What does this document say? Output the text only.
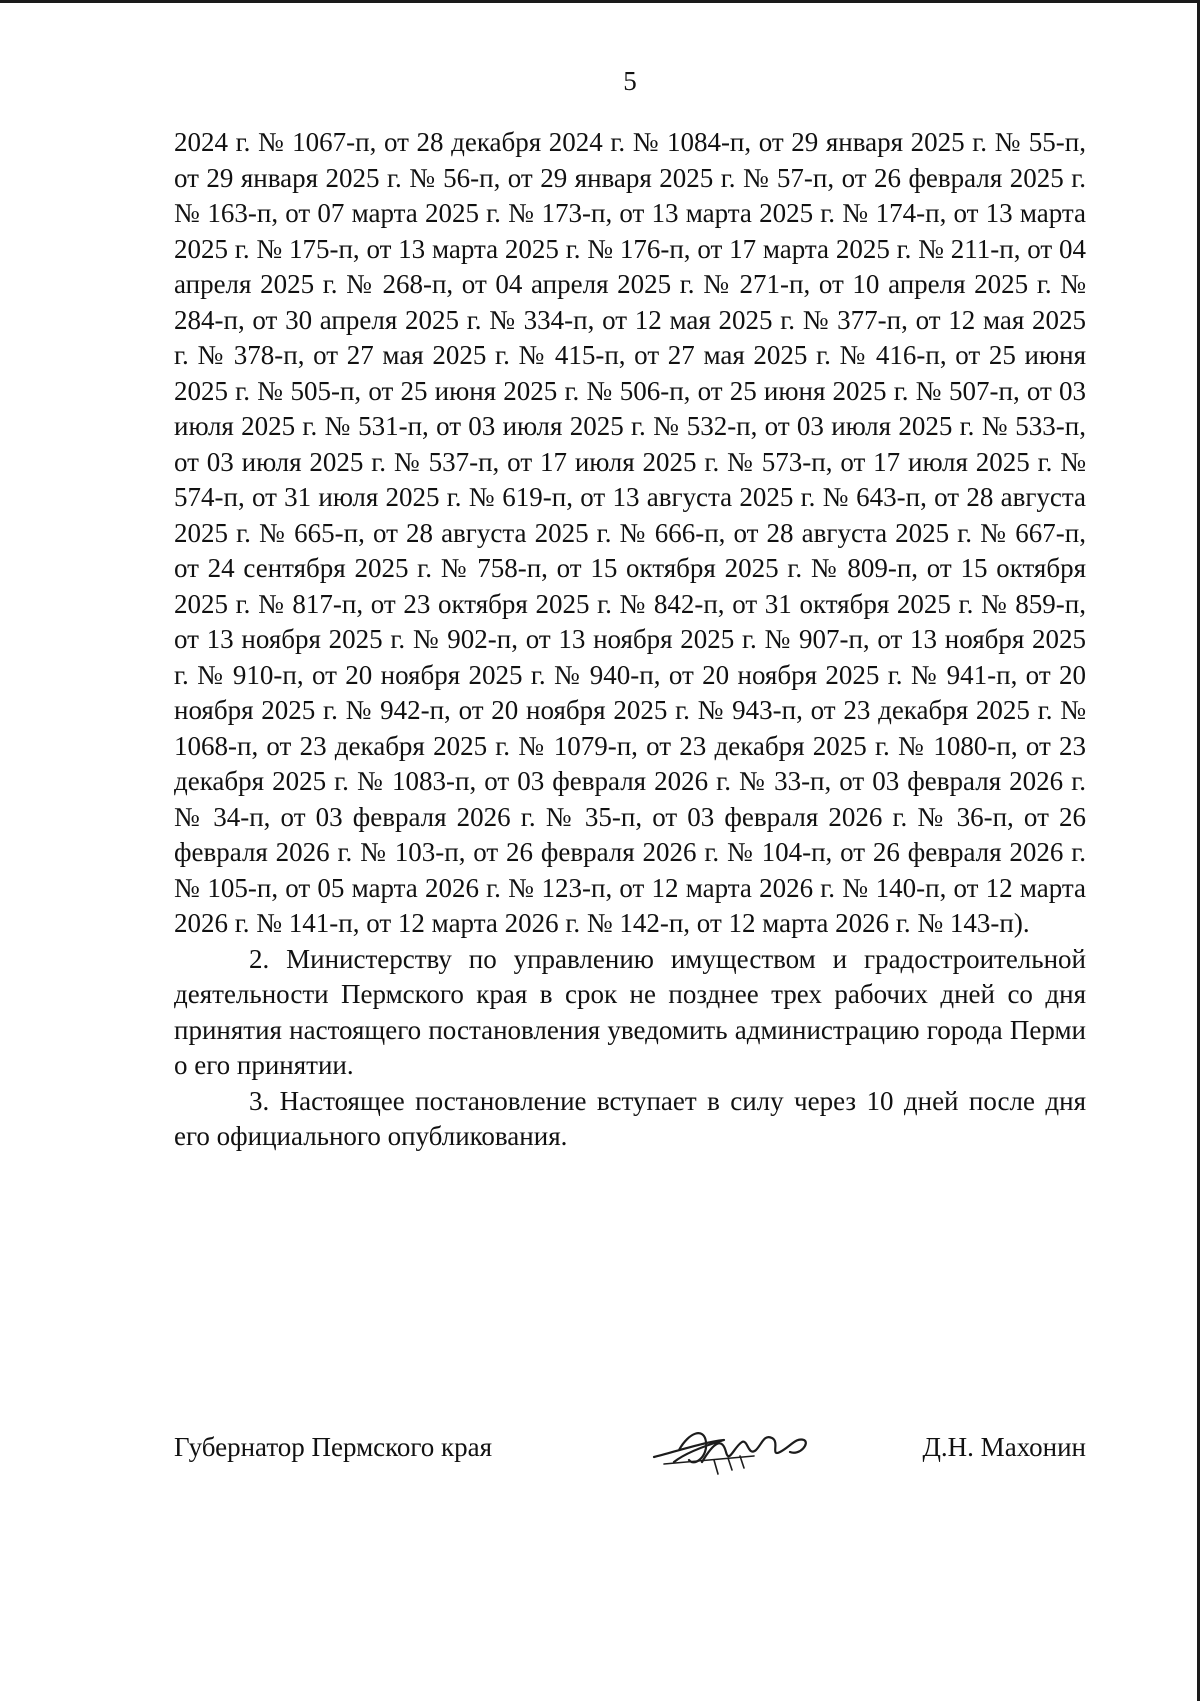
5

2024 г. № 1067-п, от 28 декабря 2024 г. № 1084-п, от 29 января 2025 г. № 55-п, от 29 января 2025 г. № 56-п, от 29 января 2025 г. № 57-п, от 26 февраля 2025 г. № 163-п, от 07 марта 2025 г. № 173-п, от 13 марта 2025 г. № 174-п, от 13 марта 2025 г. № 175-п, от 13 марта 2025 г. № 176-п, от 17 марта 2025 г. № 211-п, от 04 апреля 2025 г. № 268-п, от 04 апреля 2025 г. № 271-п, от 10 апреля 2025 г. № 284-п, от 30 апреля 2025 г. № 334-п, от 12 мая 2025 г. № 377-п, от 12 мая 2025 г. № 378-п, от 27 мая 2025 г. № 415-п, от 27 мая 2025 г. № 416-п, от 25 июня 2025 г. № 505-п, от 25 июня 2025 г. № 506-п, от 25 июня 2025 г. № 507-п, от 03 июля 2025 г. № 531-п, от 03 июля 2025 г. № 532-п, от 03 июля 2025 г. № 533-п, от 03 июля 2025 г. № 537-п, от 17 июля 2025 г. № 573-п, от 17 июля 2025 г. № 574-п, от 31 июля 2025 г. № 619-п, от 13 августа 2025 г. № 643-п, от 28 августа 2025 г. № 665-п, от 28 августа 2025 г. № 666-п, от 28 августа 2025 г. № 667-п, от 24 сентября 2025 г. № 758-п, от 15 октября 2025 г. № 809-п, от 15 октября 2025 г. № 817-п, от 23 октября 2025 г. № 842-п, от 31 октября 2025 г. № 859-п, от 13 ноября 2025 г. № 902-п, от 13 ноября 2025 г. № 907-п, от 13 ноября 2025 г. № 910-п, от 20 ноября 2025 г. № 940-п, от 20 ноября 2025 г. № 941-п, от 20 ноября 2025 г. № 942-п, от 20 ноября 2025 г. № 943-п, от 23 декабря 2025 г. № 1068-п, от 23 декабря 2025 г. № 1079-п, от 23 декабря 2025 г. № 1080-п, от 23 декабря 2025 г. № 1083-п, от 03 февраля 2026 г. № 33-п, от 03 февраля 2026 г. № 34-п, от 03 февраля 2026 г. № 35-п, от 03 февраля 2026 г. № 36-п, от 26 февраля 2026 г. № 103-п, от 26 февраля 2026 г. № 104-п, от 26 февраля 2026 г. № 105-п, от 05 марта 2026 г. № 123-п, от 12 марта 2026 г. № 140-п, от 12 марта 2026 г. № 141-п, от 12 марта 2026 г. № 142-п, от 12 марта 2026 г. № 143-п).

2. Министерству по управлению имуществом и градостроительной деятельности Пермского края в срок не позднее трех рабочих дней со дня принятия настоящего постановления уведомить администрацию города Перми о его принятии.

3. Настоящее постановление вступает в силу через 10 дней после дня его официального опубликования.

Губернатор Пермского края	Д.Н. Махонин
